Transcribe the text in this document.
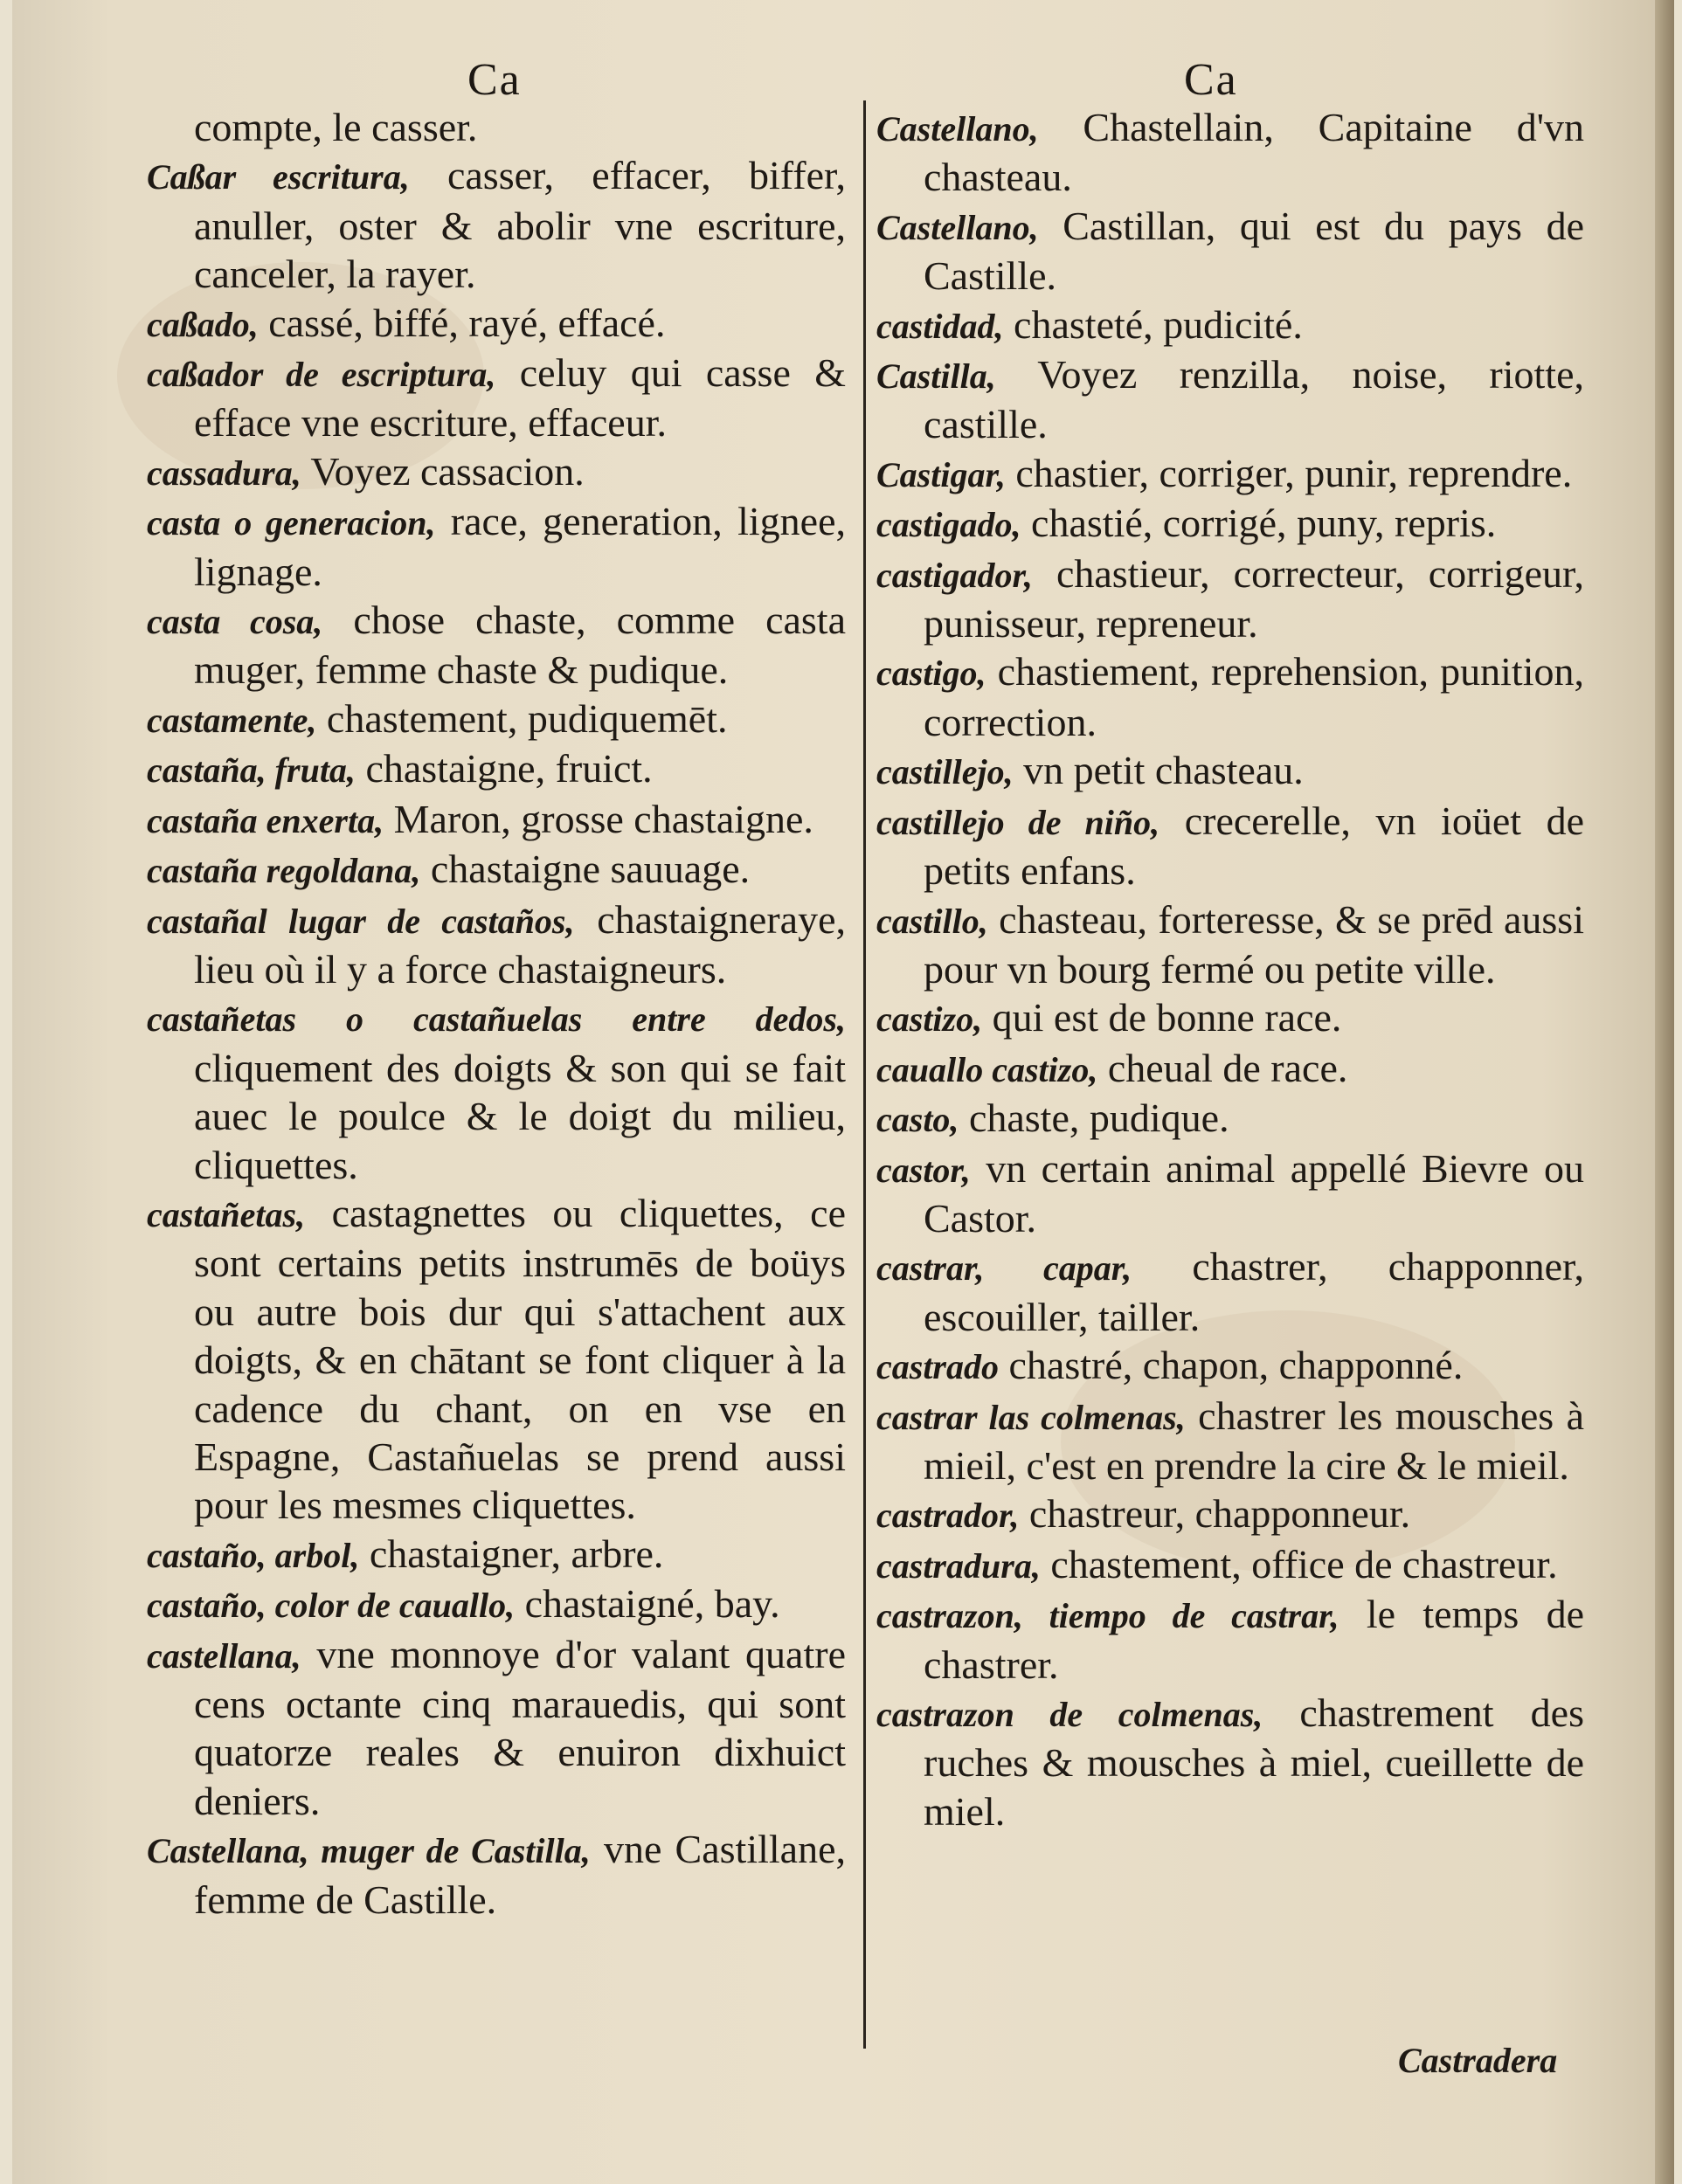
Ca	Ca
compte, le casser.
Caßar escritura, casser, effacer, biffer, anuller, oster & abolir vne escriture, canceler, la rayer.
caßado, cassé, biffé, rayé, effacé.
caßador de escriptura, celuy qui casse & efface vne escriture, effaceur.
cassadura, Voyez cassacion.
casta o generacion, race, generation, lignee, lignage.
casta cosa, chose chaste, comme casta muger, femme chaste & pudique.
castamente, chastement, pudiquemēt.
castaña, fruta, chastaigne, fruict.
castaña enxerta, Maron, grosse chastaigne.
castaña regoldana, chastaigne sauuage.
castañal lugar de castaños, chastaigneraye, lieu où il y a force chastaigneurs.
castañetas o castañuelas entre dedos, cliquement des doigts & son qui se fait auec le poulce & le doigt du milieu, cliquettes.
castañetas, castagnettes ou cliquettes, ce sont certains petits instrumēs de boüys ou autre bois dur qui s'attachent aux doigts, & en chātant se font cliquer à la cadence du chant, on en vse en Espagne, Castañuelas se prend aussi pour les mesmes cliquettes.
castaño, arbol, chastaigner, arbre.
castaño, color de cauallo, chastaigné, bay.
castellana, vne monnoye d'or valant quatre cens octante cinq marauedis, qui sont quatorze reales & enuiron dixhuict deniers.
Castellana, muger de Castilla, vne Castillane, femme de Castille.
Castellano, Chastellain, Capitaine d'vn chasteau.
Castellano, Castillan, qui est du pays de Castille.
castidad, chasteté, pudicité.
Castilla, Voyez renzilla, noise, riotte, castille.
Castigar, chastier, corriger, punir, reprendre.
castigado, chastié, corrigé, puny, repris.
castigador, chastieur, correcteur, corrigeur, punisseur, repreneur.
castigo, chastiement, reprehension, punition, correction.
castillejo, vn petit chasteau.
castillejo de niño, crecerelle, vn ioüet de petits enfans.
castillo, chasteau, forteresse, & se prēd aussi pour vn bourg fermé ou petite ville.
castizo, qui est de bonne race.
cauallo castizo, cheual de race.
casto, chaste, pudique.
castor, vn certain animal appellé Bievre ou Castor.
castrar, capar, chastrer, chapponner, escouiller, tailler.
castrado chastré, chapon, chapponné.
castrar las colmenas, chastrer les mousches à mieil, c'est en prendre la cire & le mieil.
castrador, chastreur, chapponneur.
castradura, chastement, office de chastreur.
castrazon, tiempo de castrar, le temps de chastrer.
castrazon de colmenas, chastrement des ruches & mousches à miel, cueillette de miel.
Castradera
